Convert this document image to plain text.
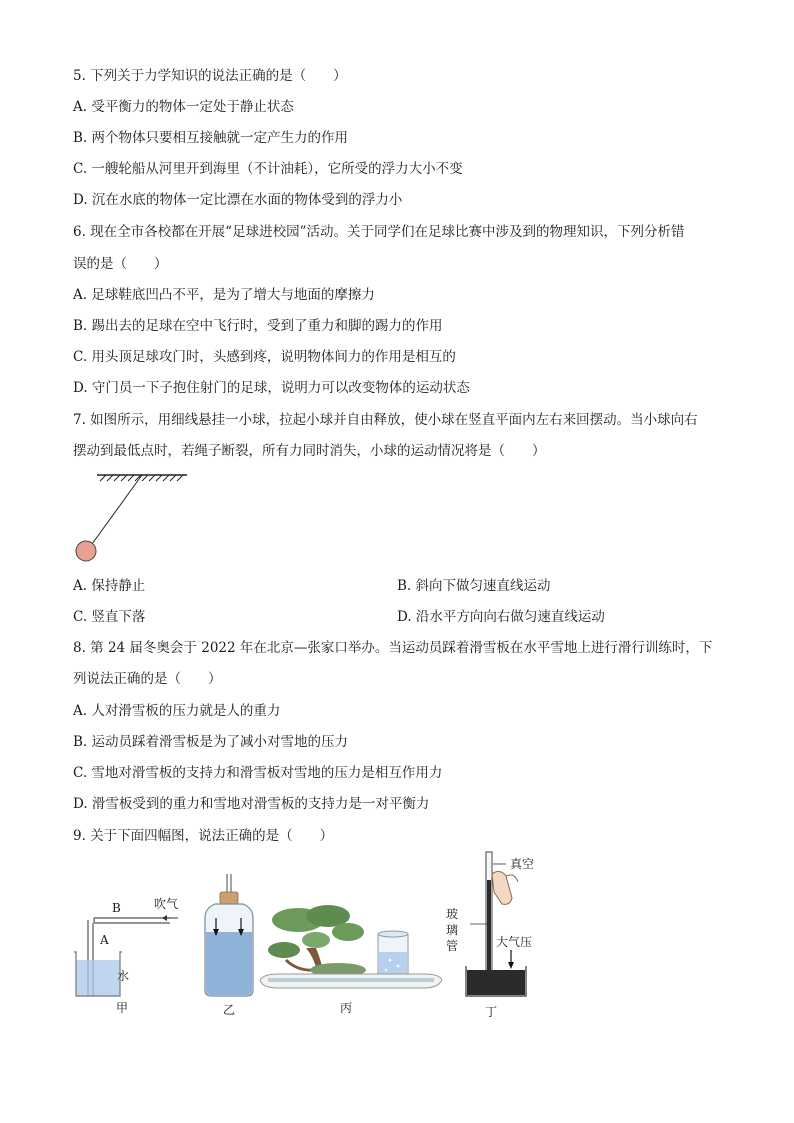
5. 下列关于力学知识的说法正确的是（　　）
A. 受平衡力的物体一定处于静止状态
B. 两个物体只要相互接触就一定产生力的作用
C. 一艘轮船从河里开到海里（不计油耗），它所受的浮力大小不变
D. 沉在水底的物体一定比漂在水面的物体受到的浮力小
6. 现在全市各校都在开展“足球进校园”活动。关于同学们在足球比赛中涉及到的物理知识，下列分析错
误的是（　　）
A. 足球鞋底凹凸不平，是为了增大与地面的摩擦力
B. 踢出去的足球在空中飞行时，受到了重力和脚的踢力的作用
C. 用头顶足球攻门时，头感到疼，说明物体间力的作用是相互的
D. 守门员一下子抱住射门的足球，说明力可以改变物体的运动状态
7. 如图所示，用细线悬挂一小球，拉起小球并自由释放，使小球在竖直平面内左右来回摆动。当小球向右
摆动到最低点时，若绳子断裂，所有力同时消失，小球的运动情况将是（　　）
A. 保持静止	B. 斜向下做匀速直线运动
C. 竖直下落	D. 沿水平方向向右做匀速直线运动
8. 第 24 届冬奥会于 2022 年在北京—张家口举办。当运动员踩着滑雪板在水平雪地上进行滑行训练时，下
列说法正确的是（　　）
A. 人对滑雪板的压力就是人的重力
B. 运动员踩着滑雪板是为了减小对雪地的压力
C. 雪地对滑雪板的支持力和滑雪板对雪地的压力是相互作用力
D. 滑雪板受到的重力和雪地对滑雪板的支持力是一对平衡力
9. 关于下面四幅图，说法正确的是（　　）
B
A
吹气
水
甲	乙	丙
真空
玻
璃
管	大气压
丁
